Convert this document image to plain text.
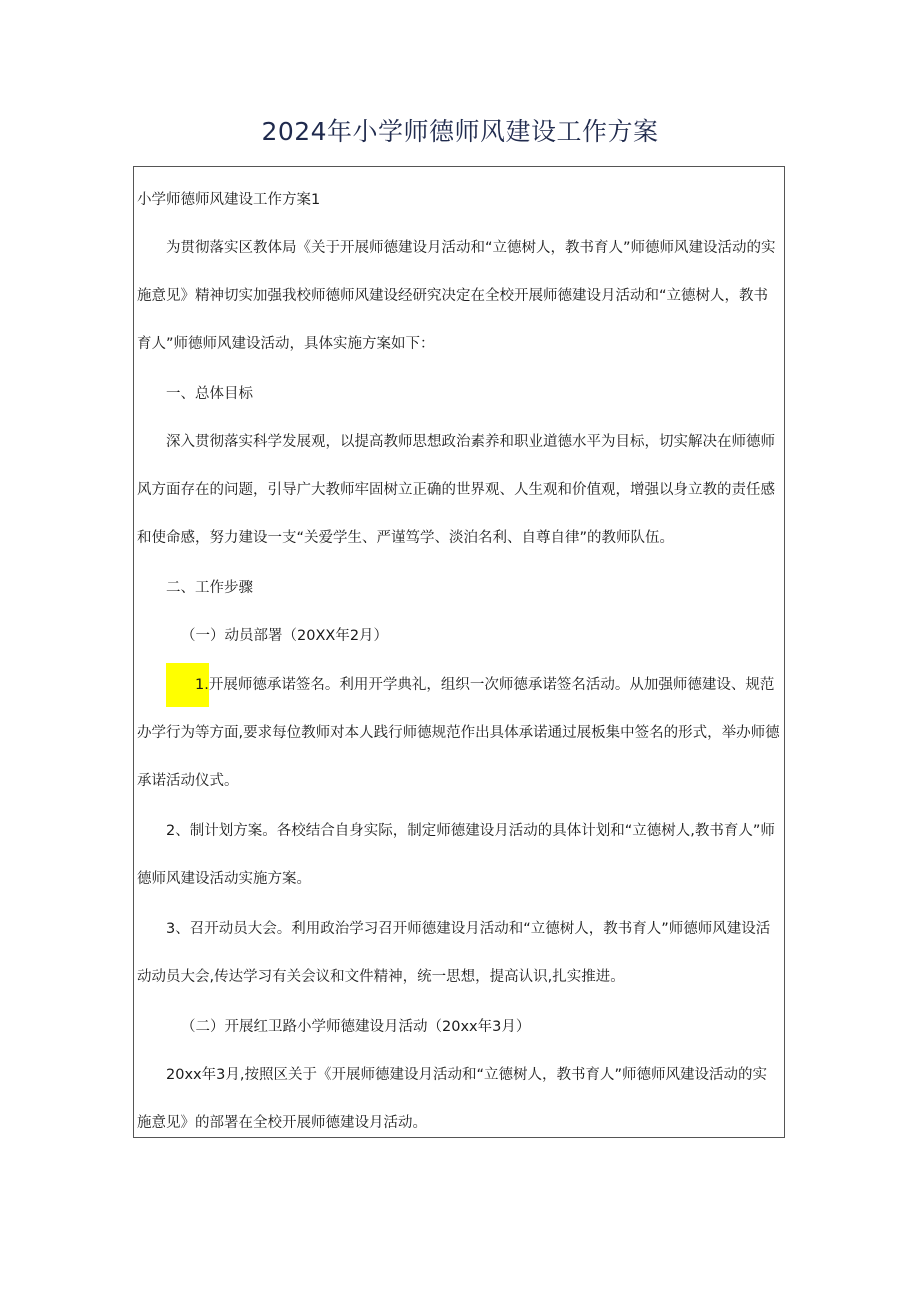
2024年小学师德师风建设工作方案

小学师德师风建设工作方案1

为贯彻落实区教体局《关于开展师德建设月活动和“立德树人，教书育人”师德师风建设活动的实施意见》精神切实加强我校师德师风建设经研究决定在全校开展师德建设月活动和“立德树人，教书育人”师德师风建设活动，具体实施方案如下：

一、总体目标

深入贯彻落实科学发展观，以提高教师思想政治素养和职业道德水平为目标，切实解决在师德师风方面存在的问题，引导广大教师牢固树立正确的世界观、人生观和价值观，增强以身立教的责任感和使命感，努力建设一支“关爱学生、严谨笃学、淡泊名利、自尊自律”的教师队伍。

二、工作步骤

（一）动员部署（20XX年2月）

1.开展师德承诺签名。利用开学典礼，组织一次师德承诺签名活动。从加强师德建设、规范办学行为等方面,要求每位教师对本人践行师德规范作出具体承诺通过展板集中签名的形式，举办师德承诺活动仪式。

2、制计划方案。各校结合自身实际，制定师德建设月活动的具体计划和“立德树人,教书育人”师德师风建设活动实施方案。

3、召开动员大会。利用政治学习召开师德建设月活动和“立德树人，教书育人”师德师风建设活动动员大会,传达学习有关会议和文件精神，统一思想，提高认识,扎实推进。

（二）开展红卫路小学师德建设月活动（20xx年3月）

20xx年3月,按照区关于《开展师德建设月活动和“立德树人，教书育人”师德师风建设活动的实施意见》的部署在全校开展师德建设月活动。
